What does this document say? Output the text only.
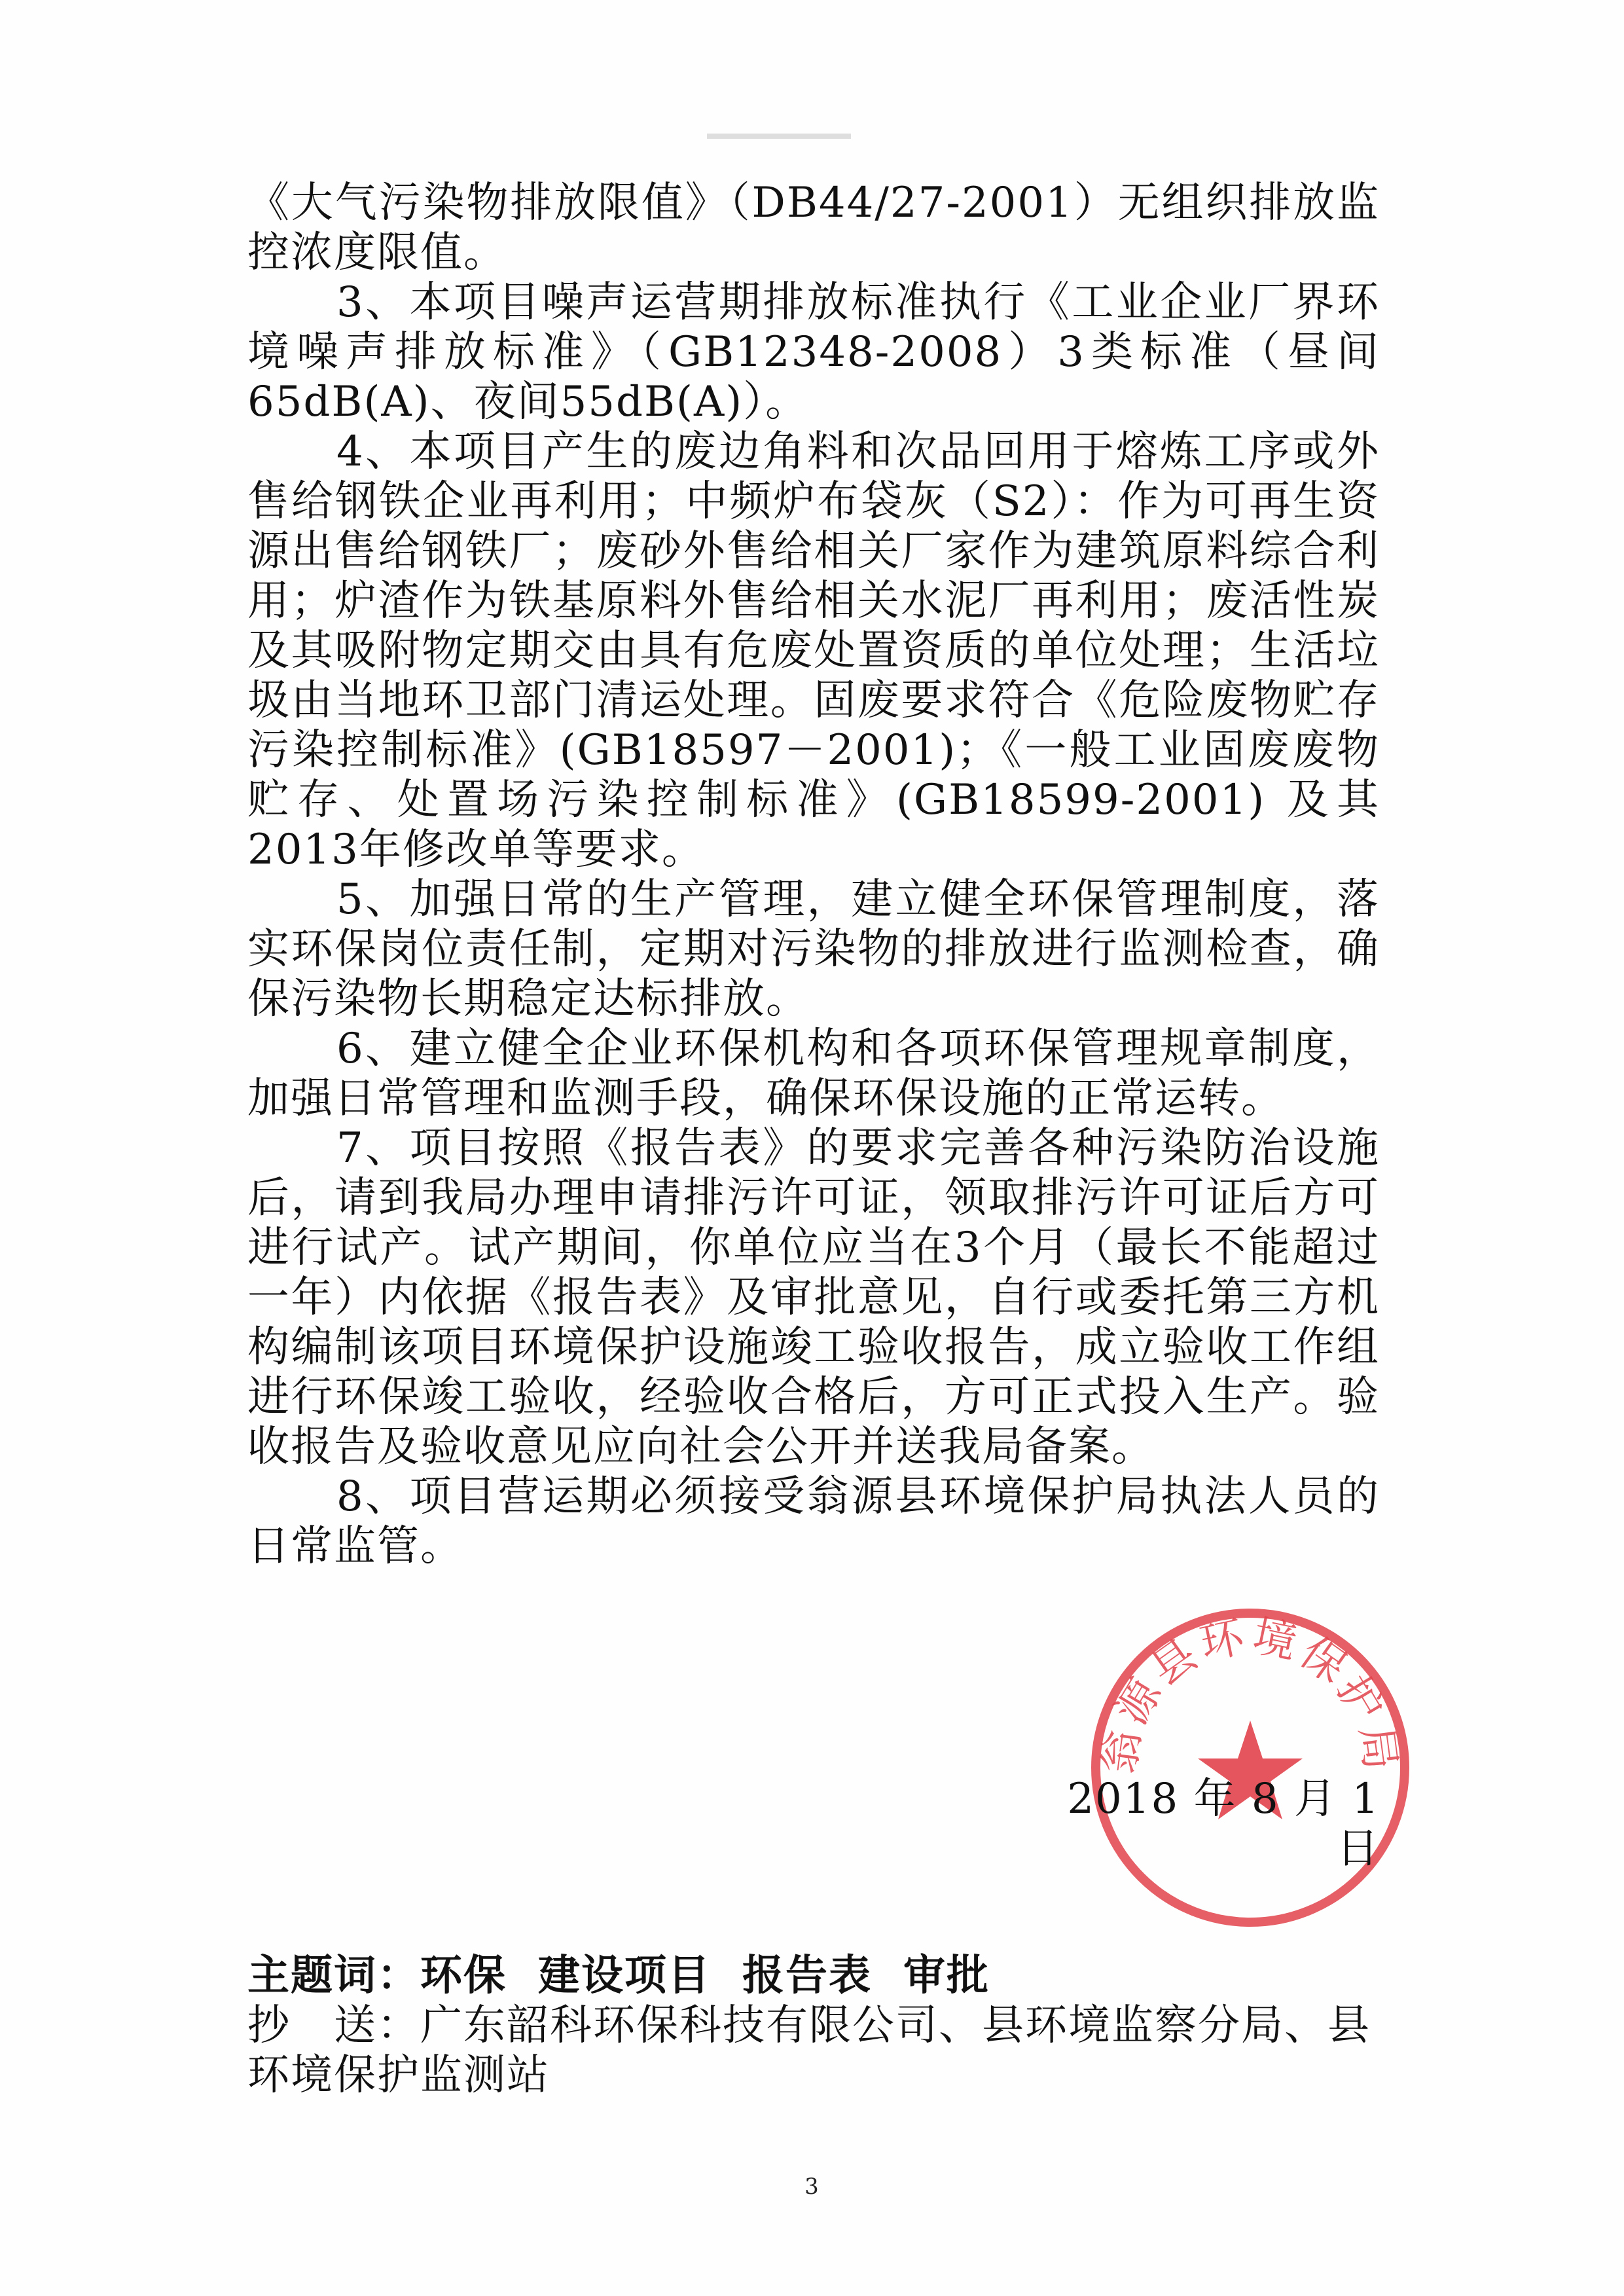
《大气污染物排放限值》（DB44/27-2001）无组织排放监控浓度限值。

3、本项目噪声运营期排放标准执行《工业企业厂界环境噪声排放标准》（GB12348-2008）3类标准（昼间65dB(A)、夜间55dB(A)）。

4、本项目产生的废边角料和次品回用于熔炼工序或外售给钢铁企业再利用；中频炉布袋灰（S2）：作为可再生资源出售给钢铁厂；废砂外售给相关厂家作为建筑原料综合利用；炉渣作为铁基原料外售给相关水泥厂再利用；废活性炭及其吸附物定期交由具有危废处置资质的单位处理；生活垃圾由当地环卫部门清运处理。固废要求符合《危险废物贮存污染控制标准》(GB18597－2001)；《一般工业固废废物贮存、处置场污染控制标准》(GB18599-2001) 及其2013年修改单等要求。

5、加强日常的生产管理，建立健全环保管理制度，落实环保岗位责任制，定期对污染物的排放进行监测检查，确保污染物长期稳定达标排放。

6、建立健全企业环保机构和各项环保管理规章制度，加强日常管理和监测手段，确保环保设施的正常运转。

7、项目按照《报告表》的要求完善各种污染防治设施后，请到我局办理申请排污许可证，领取排污许可证后方可进行试产。试产期间，你单位应当在3个月（最长不能超过一年）内依据《报告表》及审批意见，自行或委托第三方机构编制该项目环境保护设施竣工验收报告，成立验收工作组进行环保竣工验收，经验收合格后，方可正式投入生产。验收报告及验收意见应向社会公开并送我局备案。

8、项目营运期必须接受翁源县环境保护局执法人员的日常监管。

翁源县环境保护局
2018 年 8 月 1 日

主题词：环保 建设项目 报告表 审批

抄　送：广东韶科环保科技有限公司、县环境监察分局、县环境保护监测站

3
